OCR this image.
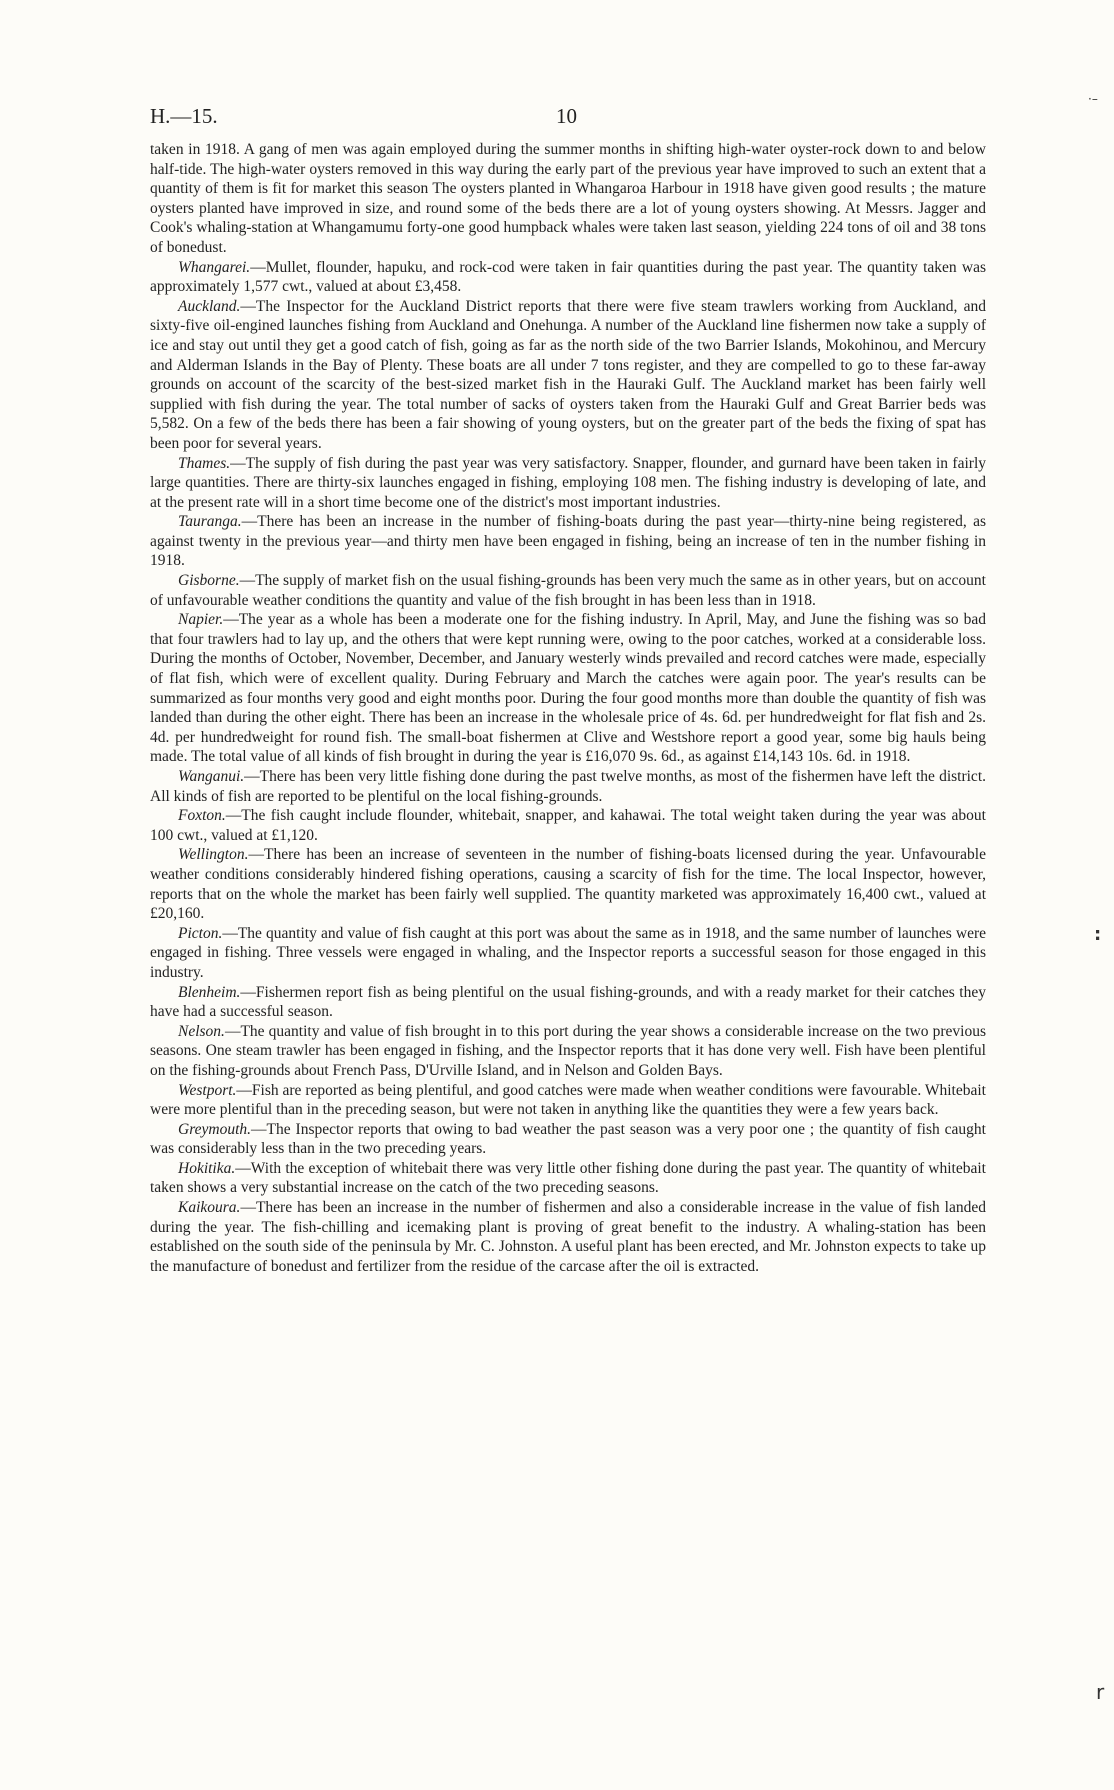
H.—15.	10

taken in 1918. A gang of men was again employed during the summer months in shifting high-water oyster-rock down to and below half-tide. The high-water oysters removed in this way during the early part of the previous year have improved to such an extent that a quantity of them is fit for market this season The oysters planted in Whangaroa Harbour in 1918 have given good results ; the mature oysters planted have improved in size, and round some of the beds there are a lot of young oysters showing. At Messrs. Jagger and Cook's whaling-station at Whangamumu forty-one good humpback whales were taken last season, yielding 224 tons of oil and 38 tons of bonedust.

Whangarei.—Mullet, flounder, hapuku, and rock-cod were taken in fair quantities during the past year. The quantity taken was approximately 1,577 cwt., valued at about £3,458.

Auckland.—The Inspector for the Auckland District reports that there were five steam trawlers working from Auckland, and sixty-five oil-engined launches fishing from Auckland and Onehunga. A number of the Auckland line fishermen now take a supply of ice and stay out until they get a good catch of fish, going as far as the north side of the two Barrier Islands, Mokohinou, and Mercury and Alderman Islands in the Bay of Plenty. These boats are all under 7 tons register, and they are compelled to go to these far-away grounds on account of the scarcity of the best-sized market fish in the Hauraki Gulf. The Auckland market has been fairly well supplied with fish during the year. The total number of sacks of oysters taken from the Hauraki Gulf and Great Barrier beds was 5,582. On a few of the beds there has been a fair showing of young oysters, but on the greater part of the beds the fixing of spat has been poor for several years.

Thames.—The supply of fish during the past year was very satisfactory. Snapper, flounder, and gurnard have been taken in fairly large quantities. There are thirty-six launches engaged in fishing, employing 108 men. The fishing industry is developing of late, and at the present rate will in a short time become one of the district's most important industries.

Tauranga.—There has been an increase in the number of fishing-boats during the past year—thirty-nine being registered, as against twenty in the previous year—and thirty men have been engaged in fishing, being an increase of ten in the number fishing in 1918.

Gisborne.—The supply of market fish on the usual fishing-grounds has been very much the same as in other years, but on account of unfavourable weather conditions the quantity and value of the fish brought in has been less than in 1918.

Napier.—The year as a whole has been a moderate one for the fishing industry. In April, May, and June the fishing was so bad that four trawlers had to lay up, and the others that were kept running were, owing to the poor catches, worked at a considerable loss. During the months of October, November, December, and January westerly winds prevailed and record catches were made, especially of flat fish, which were of excellent quality. During February and March the catches were again poor. The year's results can be summarized as four months very good and eight months poor. During the four good months more than double the quantity of fish was landed than during the other eight. There has been an increase in the wholesale price of 4s. 6d. per hundredweight for flat fish and 2s. 4d. per hundredweight for round fish. The small-boat fishermen at Clive and Westshore report a good year, some big hauls being made. The total value of all kinds of fish brought in during the year is £16,070 9s. 6d., as against £14,143 10s. 6d. in 1918.

Wanganui.—There has been very little fishing done during the past twelve months, as most of the fishermen have left the district. All kinds of fish are reported to be plentiful on the local fishing-grounds.

Foxton.—The fish caught include flounder, whitebait, snapper, and kahawai. The total weight taken during the year was about 100 cwt., valued at £1,120.

Wellington.—There has been an increase of seventeen in the number of fishing-boats licensed during the year. Unfavourable weather conditions considerably hindered fishing operations, causing a scarcity of fish for the time. The local Inspector, however, reports that on the whole the market has been fairly well supplied. The quantity marketed was approximately 16,400 cwt., valued at £20,160.

Picton.—The quantity and value of fish caught at this port was about the same as in 1918, and the same number of launches were engaged in fishing. Three vessels were engaged in whaling, and the Inspector reports a successful season for those engaged in this industry.

Blenheim.—Fishermen report fish as being plentiful on the usual fishing-grounds, and with a ready market for their catches they have had a successful season.

Nelson.—The quantity and value of fish brought in to this port during the year shows a considerable increase on the two previous seasons. One steam trawler has been engaged in fishing, and the Inspector reports that it has done very well. Fish have been plentiful on the fishing-grounds about French Pass, D'Urville Island, and in Nelson and Golden Bays.

Westport.—Fish are reported as being plentiful, and good catches were made when weather conditions were favourable. Whitebait were more plentiful than in the preceding season, but were not taken in anything like the quantities they were a few years back.

Greymouth.—The Inspector reports that owing to bad weather the past season was a very poor one ; the quantity of fish caught was considerably less than in the two preceding years.

Hokitika.—With the exception of whitebait there was very little other fishing done during the past year. The quantity of whitebait taken shows a very substantial increase on the catch of the two preceding seasons.

Kaikoura.—There has been an increase in the number of fishermen and also a considerable increase in the value of fish landed during the year. The fish-chilling and icemaking plant is proving of great benefit to the industry. A whaling-station has been established on the south side of the peninsula by Mr. C. Johnston. A useful plant has been erected, and Mr. Johnston expects to take up the manufacture of bonedust and fertilizer from the residue of the carcase after the oil is extracted.

·–
:
r
